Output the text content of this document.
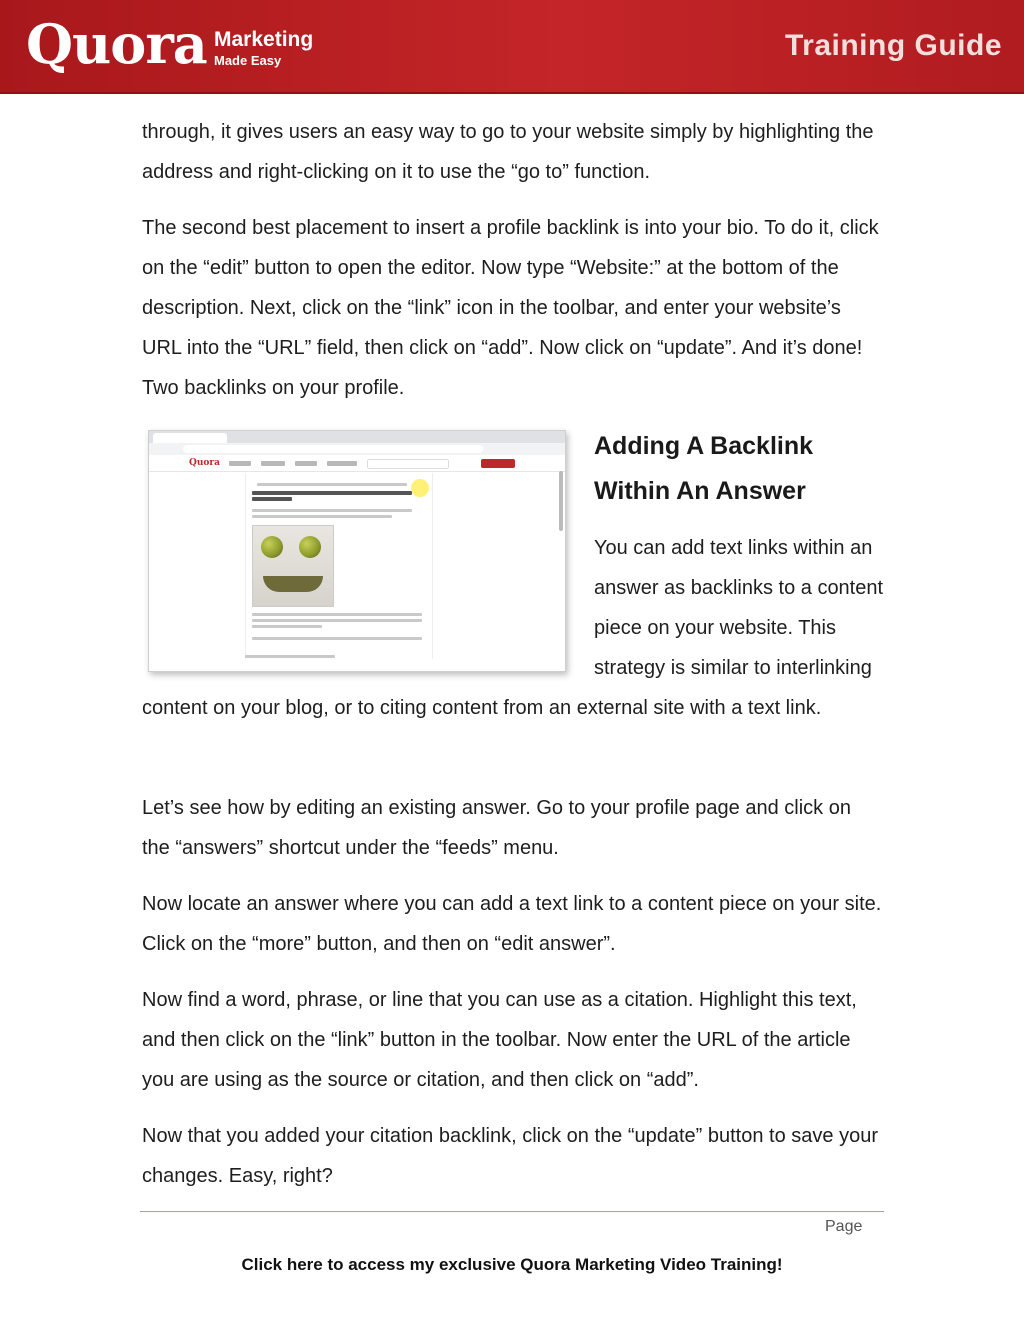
Quora Marketing
Made Easy	Training Guide

through, it gives users an easy way to go to your website simply by highlighting the address and right-clicking on it to use the “go to” function.

The second best placement to insert a profile backlink is into your bio. To do it, click on the “edit” button to open the editor. Now type “Website:” at the bottom of the description. Next, click on the “link” icon in the toolbar, and enter your website’s URL into the “URL” field, then click on “add”. Now click on “update”. And it’s done! Two backlinks on your profile.

Quora
Adding A Backlink Within An Answer

You can add text links within an answer as backlinks to a content piece on your website. This strategy is similar to interlinking content on your blog, or to citing content from an external site with a text link.

Let’s see how by editing an existing answer. Go to your profile page and click on the “answers” shortcut under the “feeds” menu.

Now locate an answer where you can add a text link to a content piece on your site. Click on the “more” button, and then on “edit answer”.

Now find a word, phrase, or line that you can use as a citation. Highlight this text, and then click on the “link” button in the toolbar. Now enter the URL of the article you are using as the source or citation, and then click on “add”.

Now that you added your citation backlink, click on the “update” button to save your changes. Easy, right?

Page
Click here to access my exclusive Quora Marketing Video Training!
